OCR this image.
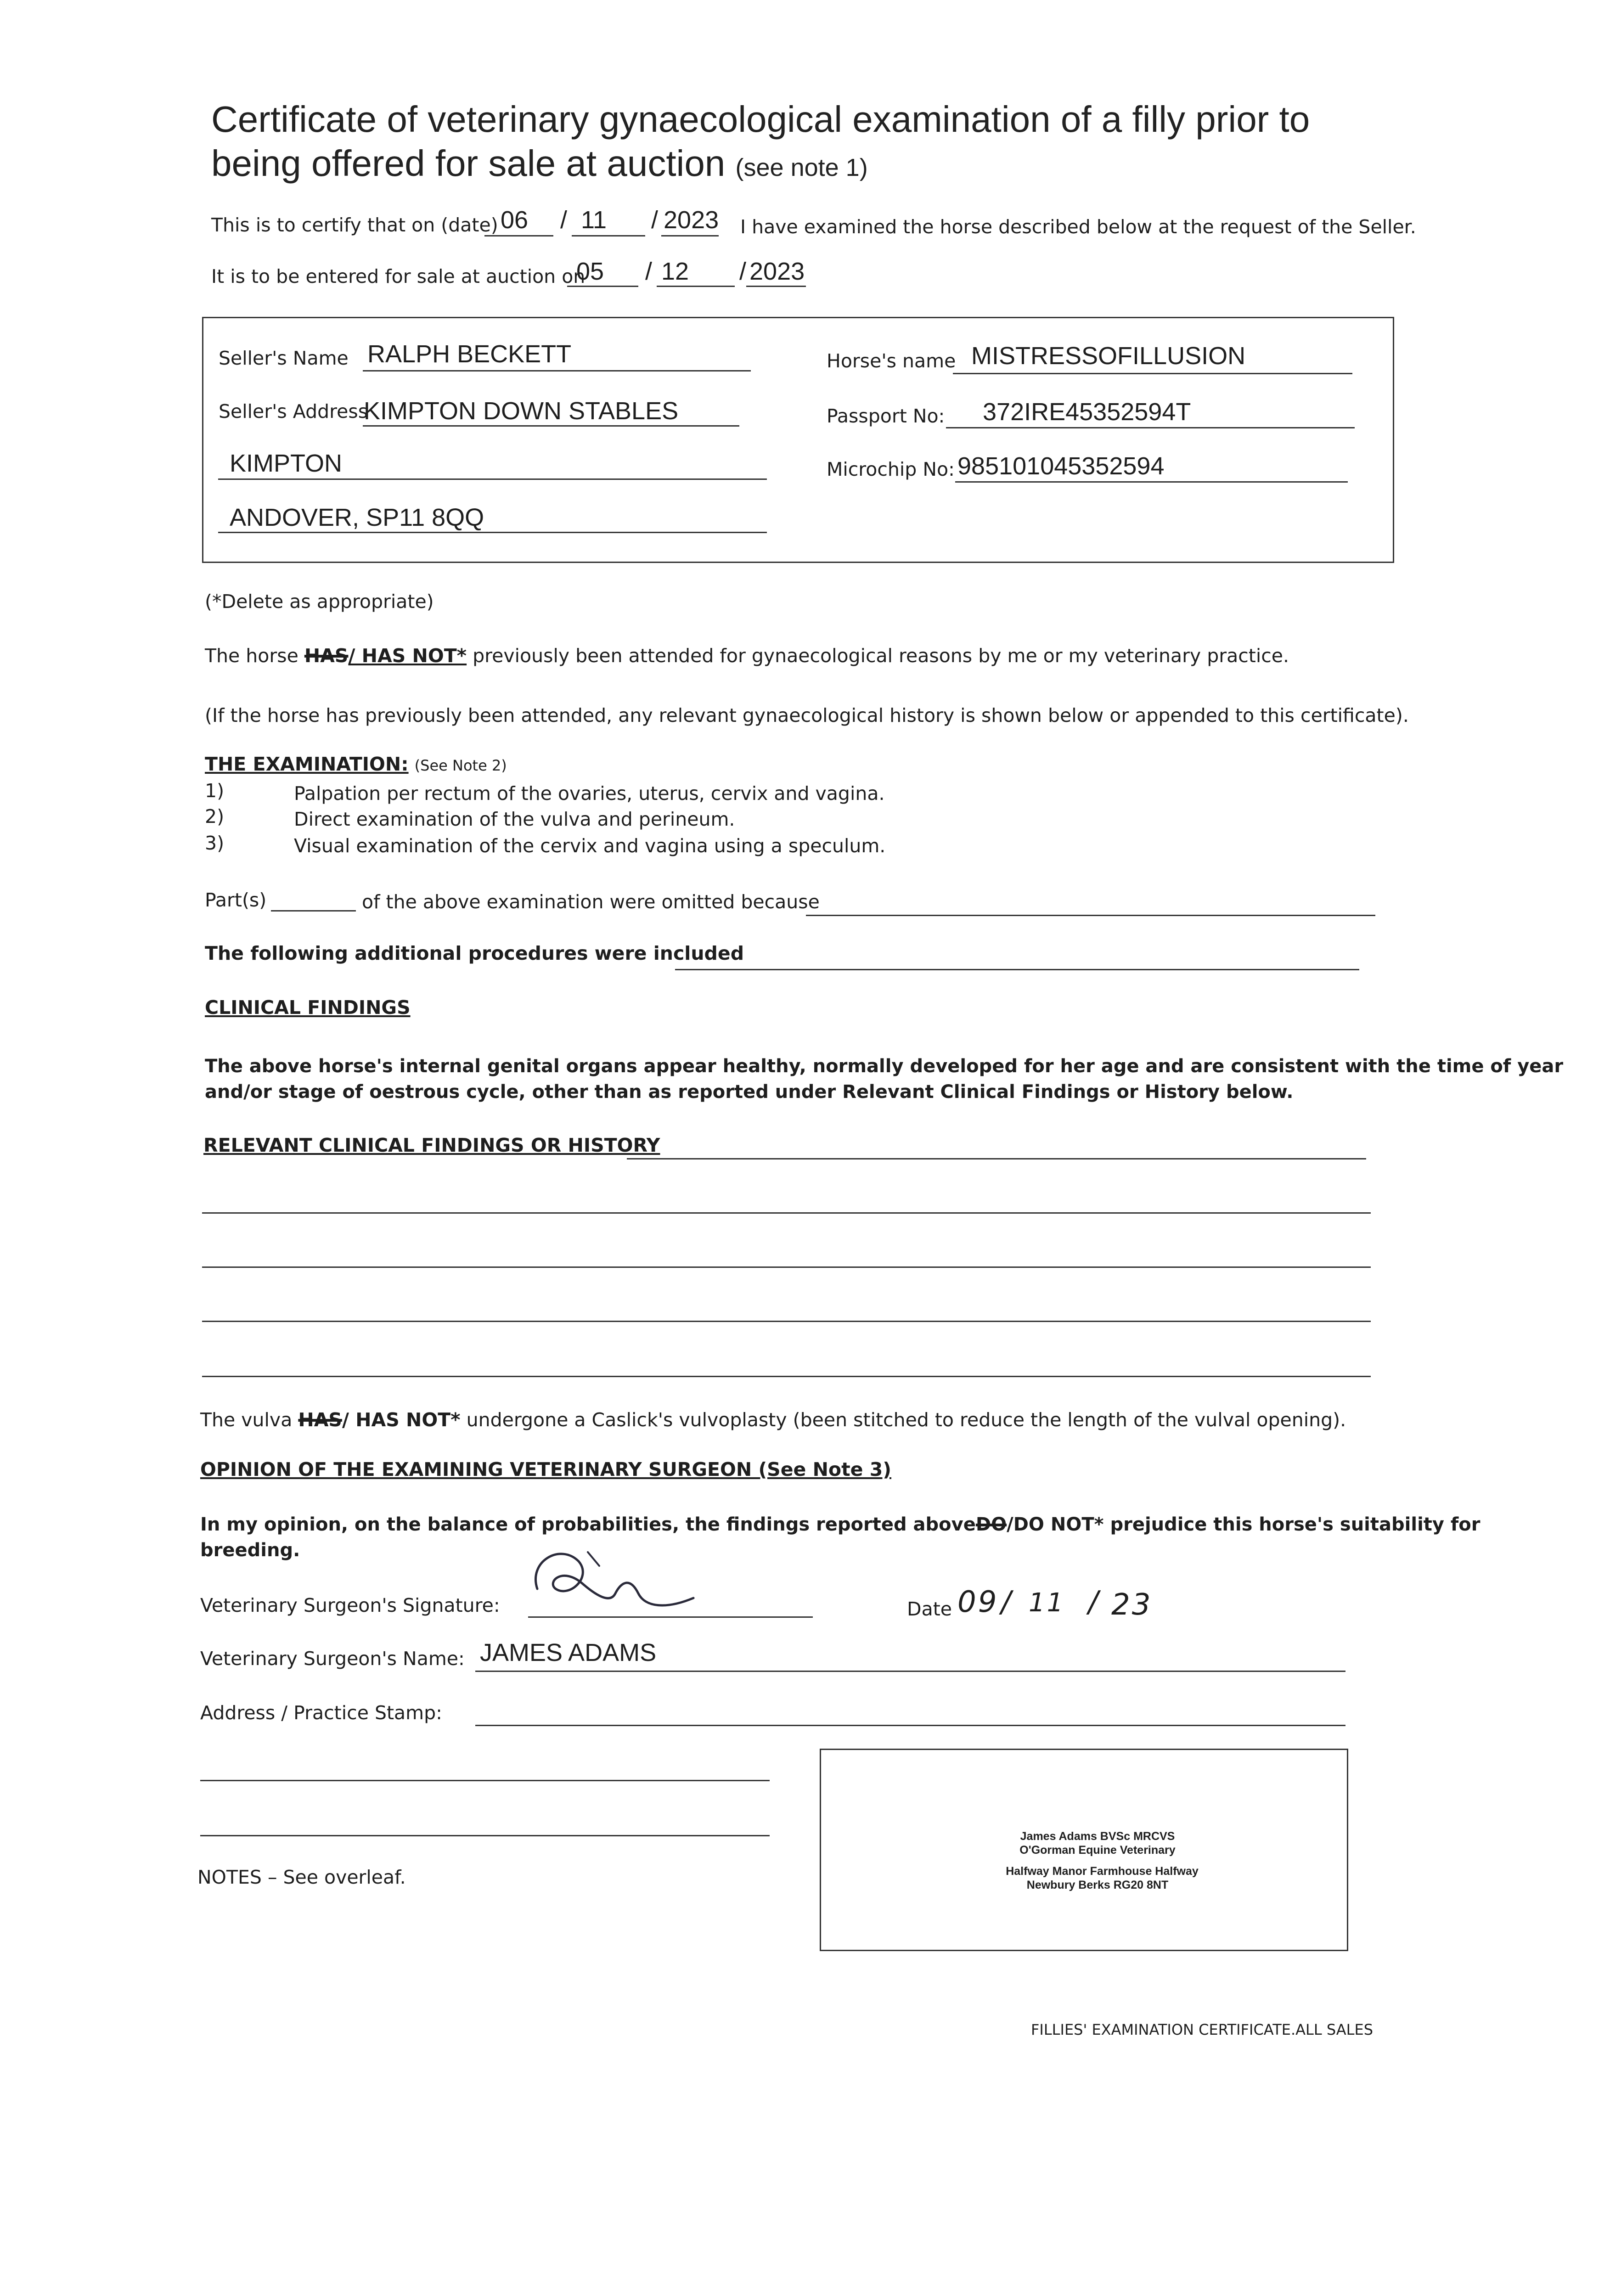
Certificate of veterinary gynaecological examination of a filly prior to
being offered for sale at auction (see note 1)
This is to certify that on (date) 06 / 11 / 2023 I have examined the horse described below at the request of the Seller.
It is to be entered for sale at auction on
05 / 12 / 2023
Seller's Name RALPH BECKETT
Seller's Address
KIMPTON DOWN STABLES
KIMPTON
ANDOVER, SP11 8QQ
Horse's name MISTRESSOFILLUSION
Passport No: 372IRE45352594T
Microchip No: 985101045352594
(*Delete as appropriate)
The horse HAS/ HAS NOT* previously been attended for gynaecological reasons by me or my veterinary practice.
(If the horse has previously been attended, any relevant gynaecological history is shown below or appended to this certificate).
THE EXAMINATION: (See Note 2)
1)	Palpation per rectum of the ovaries, uterus, cervix and vagina.
2)	Direct examination of the vulva and perineum.
3)	Visual examination of the cervix and vagina using a speculum.
Part(s)	of the above examination were omitted because
The following additional procedures were included
CLINICAL FINDINGS
The above horse's internal genital organs appear healthy, normally developed for her age and are consistent with the time of year
and/or stage of oestrous cycle, other than as reported under Relevant Clinical Findings or History below.
RELEVANT CLINICAL FINDINGS OR HISTORY
The vulva HAS/ HAS NOT* undergone a Caslick's vulvoplasty (been stitched to reduce the length of the vulval opening).
OPINION OF THE EXAMINING VETERINARY SURGEON (See Note 3)
In my opinion, on the balance of probabilities, the findings reported aboveDO/DO NOT* prejudice this horse's suitability for
breeding.
Veterinary Surgeon's Signature:	Date 09 / 11 / 23
Veterinary Surgeon's Name: JAMES ADAMS
Address / Practice Stamp:
James Adams BVSc MRCVS
O'Gorman Equine Veterinary
Halfway Manor Farmhouse Halfway
Newbury Berks RG20 8NT
NOTES – See overleaf.
FILLIES' EXAMINATION CERTIFICATE.ALL SALES
